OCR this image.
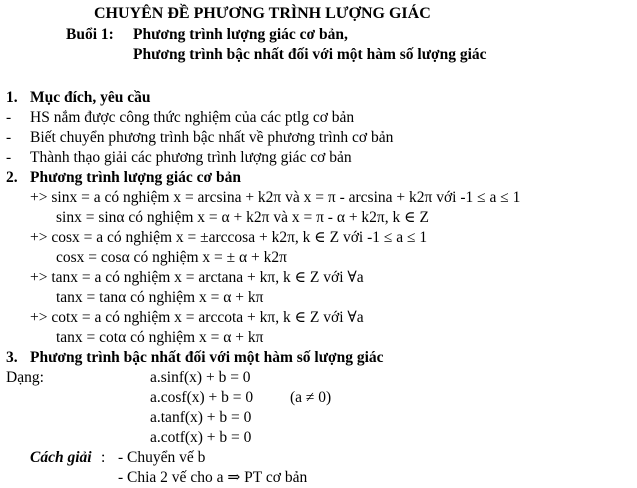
CHUYÊN ĐỀ PHƯƠNG TRÌNH LƯỢNG GIÁC
Buổi 1: Phương trình lượng giác cơ bản,
Phương trình bậc nhất đối với một hàm số lượng giác
1. Mục đích, yêu cầu
- HS nắm được công thức nghiệm của các ptlg cơ bản
- Biết chuyển phương trình bậc nhất về phương trình cơ bản
- Thành thạo giải các phương trình lượng giác cơ bản
2. Phương trình lượng giác cơ bản
+> sinx = a có nghiệm x = arcsina + k2π và x = π - arcsina + k2π với -1 ≤ a ≤ 1
sinx = sinα có nghiệm x = α + k2π và x = π - α + k2π, k ∈ Z
+> cosx = a có nghiệm x = ±arccosa + k2π, k ∈ Z với -1 ≤ a ≤ 1
cosx = cosα có nghiệm x = ± α + k2π
+> tanx = a có nghiệm x = arctana + kπ, k ∈ Z với ∀a
tanx = tanα có nghiệm x = α + kπ
+> cotx = a có nghiệm x = arccota + kπ, k ∈ Z với ∀a
tanx = cotα có nghiệm x = α + kπ
3. Phương trình bậc nhất đối với một hàm số lượng giác
Dạng:	a.sinf(x) + b = 0
a.cosf(x) + b = 0 (a ≠ 0)
a.tanf(x) + b = 0
a.cotf(x) + b = 0
Cách giải : - Chuyển vế b
- Chia 2 vế cho a ⇒ PT cơ bản
